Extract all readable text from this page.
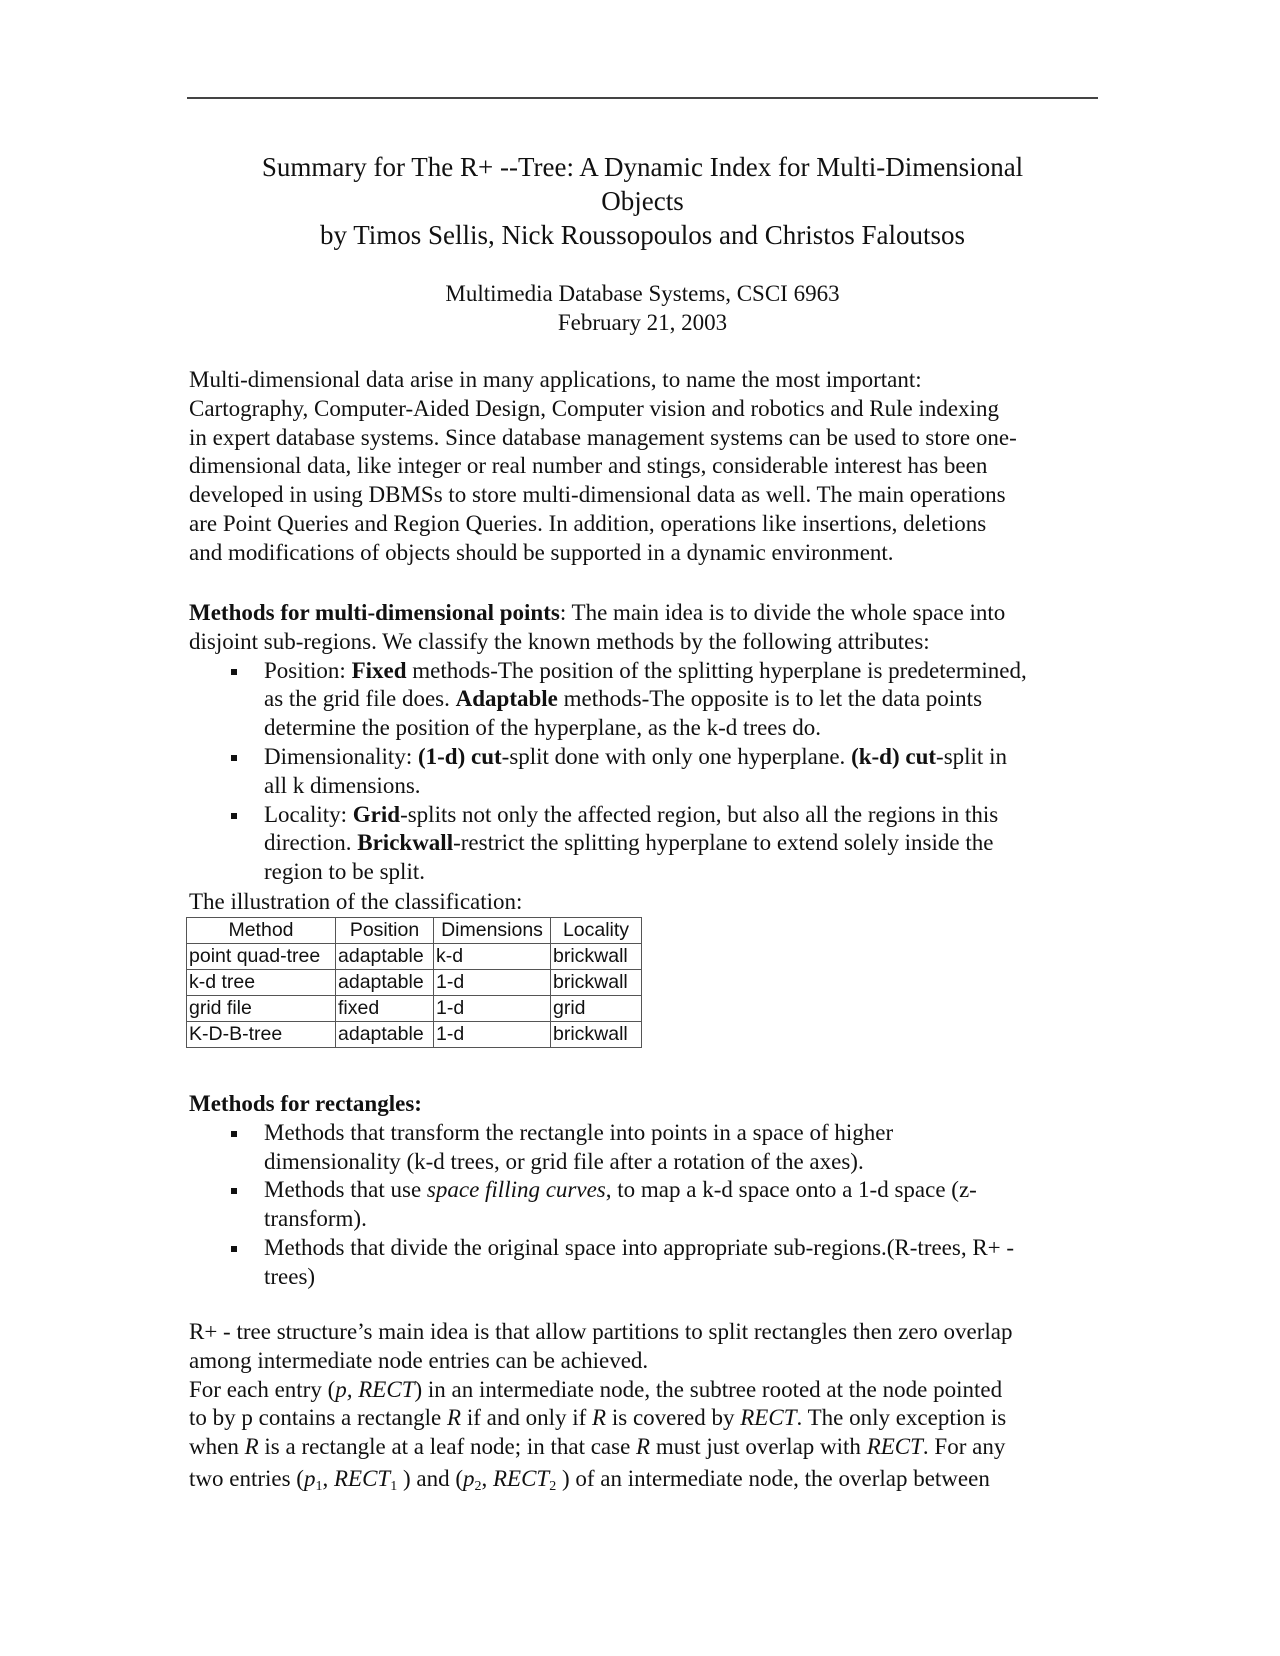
Summary for The R+ --Tree: A Dynamic Index for Multi-Dimensional
Objects
by Timos Sellis, Nick Roussopoulos and Christos Faloutsos
Multimedia Database Systems, CSCI 6963
February 21, 2003

Multi-dimensional data arise in many applications, to name the most important:

Cartography, Computer-Aided Design, Computer vision and robotics and Rule indexing

in expert database systems. Since database management systems can be used to store one-

dimensional data, like integer or real number and stings, considerable interest has been

developed in using DBMSs to store multi-dimensional data as well. The main operations

are Point Queries and Region Queries. In addition, operations like insertions, deletions

and modifications of objects should be supported in a dynamic environment.

Methods for multi-dimensional points: The main idea is to divide the whole space into

disjoint sub-regions. We classify the known methods by the following attributes:

Position: Fixed methods-The position of the splitting hyperplane is predetermined,
as the grid file does. Adaptable methods-The opposite is to let the data points
determine the position of the hyperplane, as the k-d trees do.
Dimensionality: (1-d) cut-split done with only one hyperplane. (k-d) cut-split in
all k dimensions.
Locality: Grid-splits not only the affected region, but also all the regions in this
direction. Brickwall-restrict the splitting hyperplane to extend solely inside the
region to be split.
The illustration of the classification:
Method	Position	Dimensions	Locality
point quad-tree	adaptable	k-d	brickwall
k-d tree	adaptable	1-d	brickwall
grid file	fixed	1-d	grid
K-D-B-tree	adaptable	1-d	brickwall

Methods for rectangles:

Methods that transform the rectangle into points in a space of higher
dimensionality (k-d trees, or grid file after a rotation of the axes).
Methods that use space filling curves, to map a k-d space onto a 1-d space (z-
transform).
Methods that divide the original space into appropriate sub-regions.(R-trees, R+ -
trees)

R+ - tree structure’s main idea is that allow partitions to split rectangles then zero overlap

among intermediate node entries can be achieved.

For each entry (p, RECT) in an intermediate node, the subtree rooted at the node pointed

to by p contains a rectangle R if and only if R is covered by RECT. The only exception is

when R is a rectangle at a leaf node; in that case R must just overlap with RECT. For any

two entries ($p_1$, $RECT_1$ ) and ($p_2$, $RECT_2$ ) of an intermediate node, the overlap between
